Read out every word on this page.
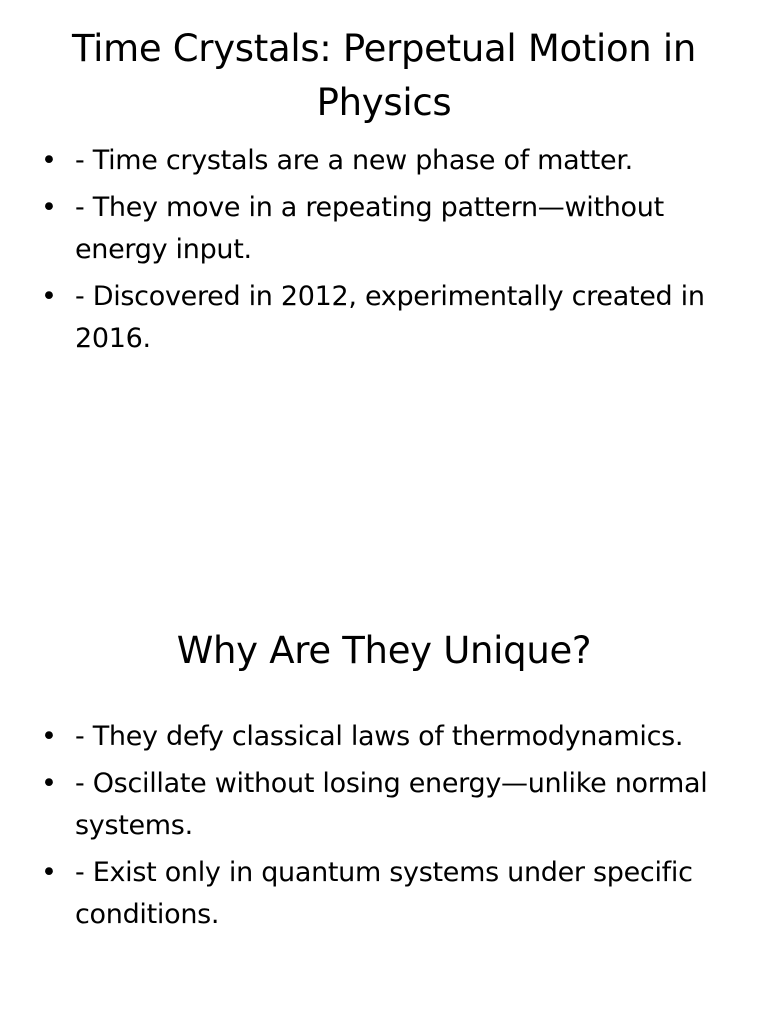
Time Crystals: Perpetual Motion in Physics
• - Time crystals are a new phase of matter.
• - They move in a repeating pattern—without energy input.
• - Discovered in 2012, experimentally created in 2016.
Why Are They Unique?
• - They defy classical laws of thermodynamics.
• - Oscillate without losing energy—unlike normal systems.
• - Exist only in quantum systems under specific conditions.
